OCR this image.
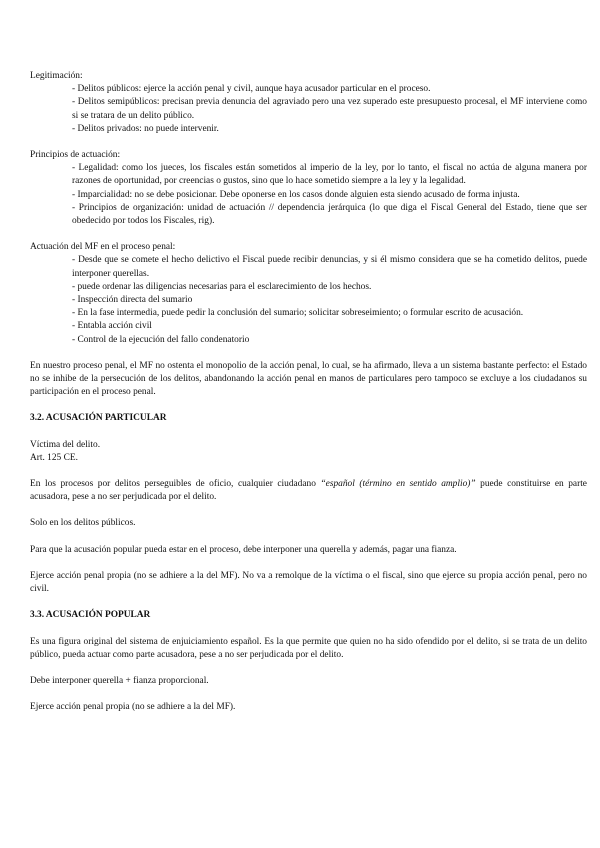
Legitimación:

- Delitos públicos: ejerce la acción penal y civil, aunque haya acusador particular en el proceso.
- Delitos semipúblicos: precisan previa denuncia del agraviado pero una vez superado este presupuesto procesal, el MF interviene como si se tratara de un delito público.
- Delitos privados: no puede intervenir.

Principios de actuación:

- Legalidad: como los jueces, los fiscales están sometidos al imperio de la ley, por lo tanto, el fiscal no actúa de alguna manera por razones de oportunidad, por creencias o gustos, sino que lo hace sometido siempre a la ley y la legalidad.
- Imparcialidad: no se debe posicionar. Debe oponerse en los casos donde alguien esta siendo acusado de forma injusta.
- Principios de organización: unidad de actuación // dependencia jerárquica (lo que diga el Fiscal General del Estado, tiene que ser obedecido por todos los Fiscales, rig).

Actuación del MF en el proceso penal:

- Desde que se comete el hecho delictivo el Fiscal puede recibir denuncias, y si él mismo considera que se ha cometido delitos, puede interponer querellas.
- puede ordenar las diligencias necesarias para el esclarecimiento de los hechos.
- Inspección directa del sumario
- En la fase intermedia, puede pedir la conclusión del sumario; solicitar sobreseimiento; o formular escrito de acusación.
- Entabla acción civil
- Control de la ejecución del fallo condenatorio

En nuestro proceso penal, el MF no ostenta el monopolio de la acción penal, lo cual, se ha afirmado, lleva a un sistema bastante perfecto: el Estado no se inhibe de la persecución de los delitos, abandonando la acción penal en manos de particulares pero tampoco se excluye a los ciudadanos su participación en el proceso penal.

3.2. ACUSACIÓN PARTICULAR

Víctima del delito.

Art. 125 CE.

En los procesos por delitos perseguibles de oficio, cualquier ciudadano “español (término en sentido amplio)” puede constituirse en parte acusadora, pese a no ser perjudicada por el delito.

Solo en los delitos públicos.

Para que la acusación popular pueda estar en el proceso, debe interponer una querella y además, pagar una fianza.

Ejerce acción penal propia (no se adhiere a la del MF). No va a remolque de la víctima o el fiscal, sino que ejerce su propia acción penal, pero no civil.

3.3. ACUSACIÓN POPULAR

Es una figura original del sistema de enjuiciamiento español. Es la que permite que quien no ha sido ofendido por el delito, si se trata de un delito público, pueda actuar como parte acusadora, pese a no ser perjudicada por el delito.

Debe interponer querella + fianza proporcional.

Ejerce acción penal propia (no se adhiere a la del MF).
